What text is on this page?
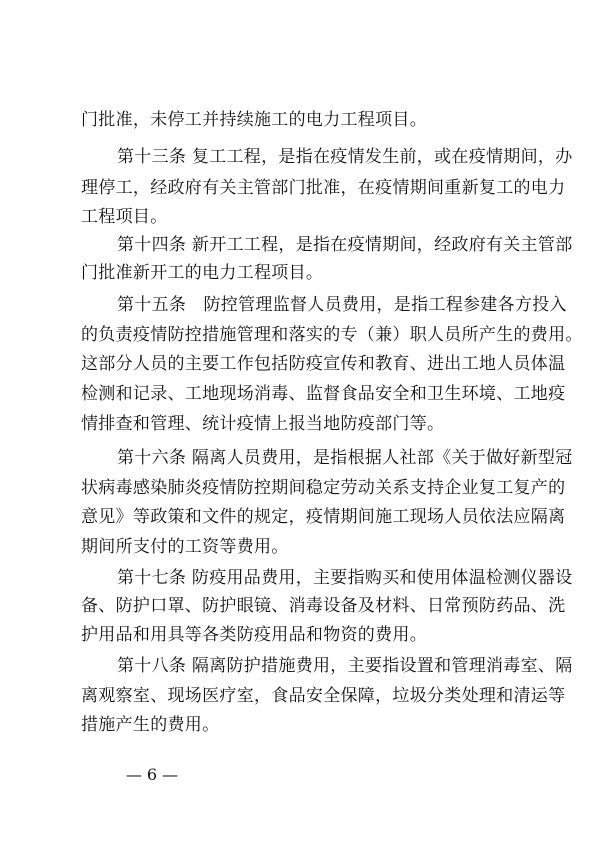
门批准，未停工并持续施工的电力工程项目。
第十三条 复工工程，是指在疫情发生前，或在疫情期间，办
理停工，经政府有关主管部门批准，在疫情期间重新复工的电力
工程项目。
第十四条 新开工工程，是指在疫情期间，经政府有关主管部
门批准新开工的电力工程项目。
第十五条　防控管理监督人员费用，是指工程参建各方投入
的负责疫情防控措施管理和落实的专（兼）职人员所产生的费用。
这部分人员的主要工作包括防疫宣传和教育、进出工地人员体温
检测和记录、工地现场消毒、监督食品安全和卫生环境、工地疫
情排查和管理、统计疫情上报当地防疫部门等。
第十六条 隔离人员费用，是指根据人社部《关于做好新型冠
状病毒感染肺炎疫情防控期间稳定劳动关系支持企业复工复产的
意见》等政策和文件的规定，疫情期间施工现场人员依法应隔离
期间所支付的工资等费用。
第十七条 防疫用品费用，主要指购买和使用体温检测仪器设
备、防护口罩、防护眼镜、消毒设备及材料、日常预防药品、洗
护用品和用具等各类防疫用品和物资的费用。
第十八条 隔离防护措施费用，主要指设置和管理消毒室、隔
离观察室、现场医疗室，食品安全保障，垃圾分类处理和清运等
措施产生的费用。
— 6 —
